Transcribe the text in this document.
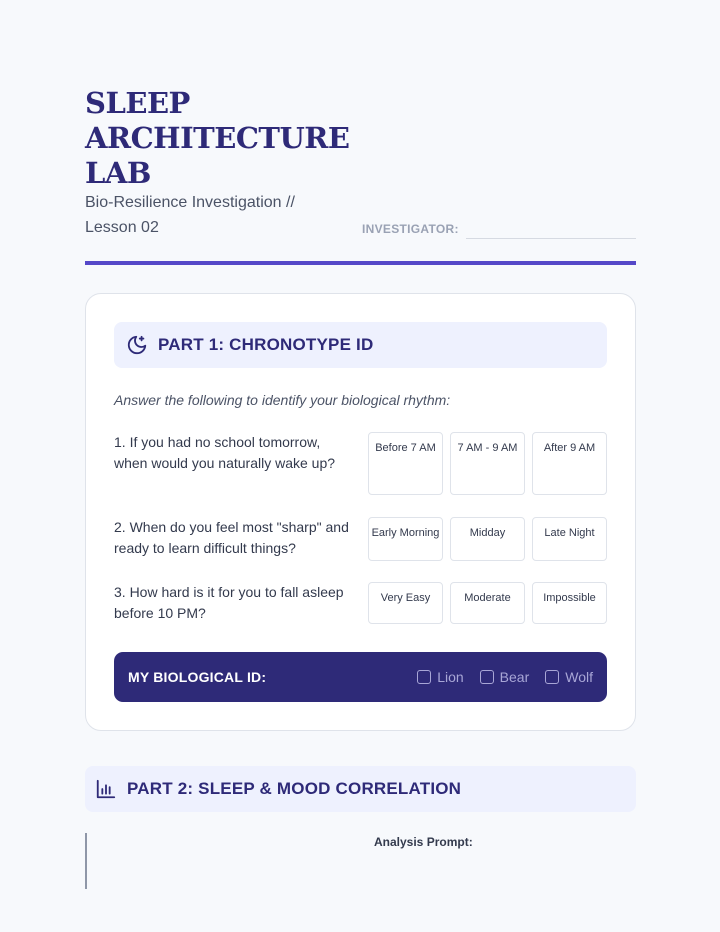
SLEEP ARCHITECTURE LAB
Bio-Resilience Investigation // Lesson 02	INVESTIGATOR:
PART 1: CHRONOTYPE ID
Answer the following to identify your biological rhythm:
1. If you had no school tomorrow, when would you naturally wake up?
Before 7 AM	7 AM - 9 AM	After 9 AM
2. When do you feel most "sharp" and ready to learn difficult things?
Early Morning	Midday	Late Night
3. How hard is it for you to fall asleep before 10 PM?
Very Easy	Moderate	Impossible
MY BIOLOGICAL ID:	Lion	Bear	Wolf
PART 2: SLEEP & MOOD CORRELATION
Analysis Prompt:
